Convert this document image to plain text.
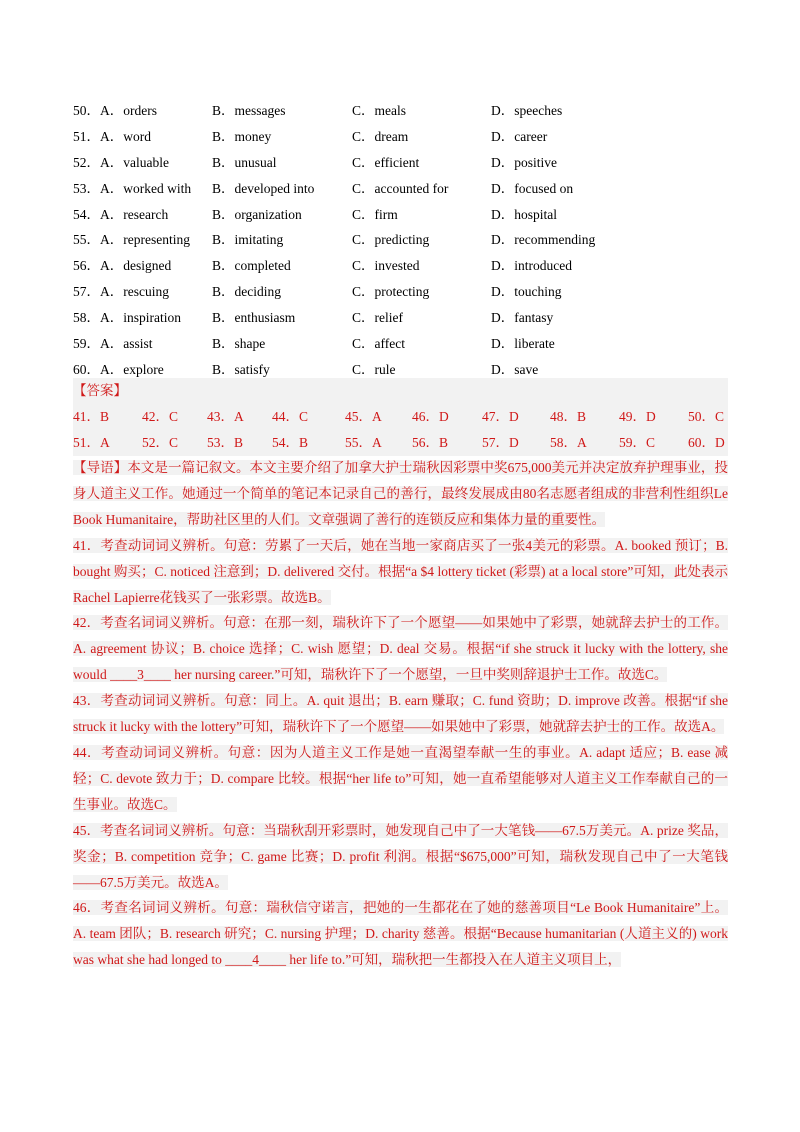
50．A．orders	B．messages	C．meals	D．speeches
51．A．word	B．money	C．dream	D．career
52．A．valuable	B．unusual	C．efficient	D．positive
53．A．worked with B．developed into	C．accounted for	D．focused on
54．A．research	B．organization	C．firm	D．hospital
55．A．representing B．imitating	C．predicting	D．recommending
56．A．designed	B．completed	C．invested	D．introduced
57．A．rescuing	B．deciding	C．protecting	D．touching
58．A．inspiration B．enthusiasm	C．relief	D．fantasy
59．A．assist	B．shape	C．affect	D．liberate
60．A．explore	B．satisfy	C．rule	D．save
【答案】
41．B 42．C 43．A 44．C	45．A 46．D 47．D 48．B 49．D 50．C
51．A 52．C 53．B 54．B	55．A 56．B	57．D 58．A 59．C 60．D
【导语】本文是一篇记叙文。本文主要介绍了加拿大护士瑞秋因彩票中奖675,000美元并决定放弃护理事业，投身人道主义工作。她通过一个简单的笔记本记录自己的善行，最终发展成由80名志愿者组成的非营利性组织Le Book Humanitaire，帮助社区里的人们。文章强调了善行的连锁反应和集体力量的重要性。
41．考查动词词义辨析。句意：劳累了一天后，她在当地一家商店买了一张4美元的彩票。A. booked 预订；B. bought 购买；C. noticed 注意到；D. delivered 交付。根据“a $4 lottery ticket (彩票) at a local store”可知，此处表示Rachel Lapierre花钱买了一张彩票。故选B。
42．考查名词词义辨析。句意：在那一刻，瑞秋许下了一个愿望——如果她中了彩票，她就辞去护士的工作。A. agreement 协议；B. choice 选择；C. wish 愿望；D. deal 交易。根据“if she struck it lucky with the lottery, she would ____3____ her nursing career.”可知，瑞秋许下了一个愿望，一旦中奖则辞退护士工作。故选C。
43．考查动词词义辨析。句意：同上。A. quit 退出；B. earn 赚取；C. fund 资助；D. improve 改善。根据“if she struck it lucky with the lottery”可知，瑞秋许下了一个愿望——如果她中了彩票，她就辞去护士的工作。故选A。
44．考查动词词义辨析。句意：因为人道主义工作是她一直渴望奉献一生的事业。A. adapt 适应；B. ease 减轻；C. devote 致力于；D. compare 比较。根据“her life to”可知，她一直希望能够对人道主义工作奉献自己的一生事业。故选C。
45．考查名词词义辨析。句意：当瑞秋刮开彩票时，她发现自己中了一大笔钱——67.5万美元。A. prize 奖品，奖金；B. competition 竞争；C. game 比赛；D. profit 利润。根据“$675,000”可知，瑞秋发现自己中了一大笔钱——67.5万美元。故选A。
46．考查名词词义辨析。句意：瑞秋信守诺言，把她的一生都花在了她的慈善项目“Le Book Humanitaire”上。A. team 团队；B. research 研究；C. nursing 护理；D. charity 慈善。根据“Because humanitarian (人道主义的) work was what she had longed to ____4____ her life to.”可知，瑞秋把一生都投入在人道主义项目上，
